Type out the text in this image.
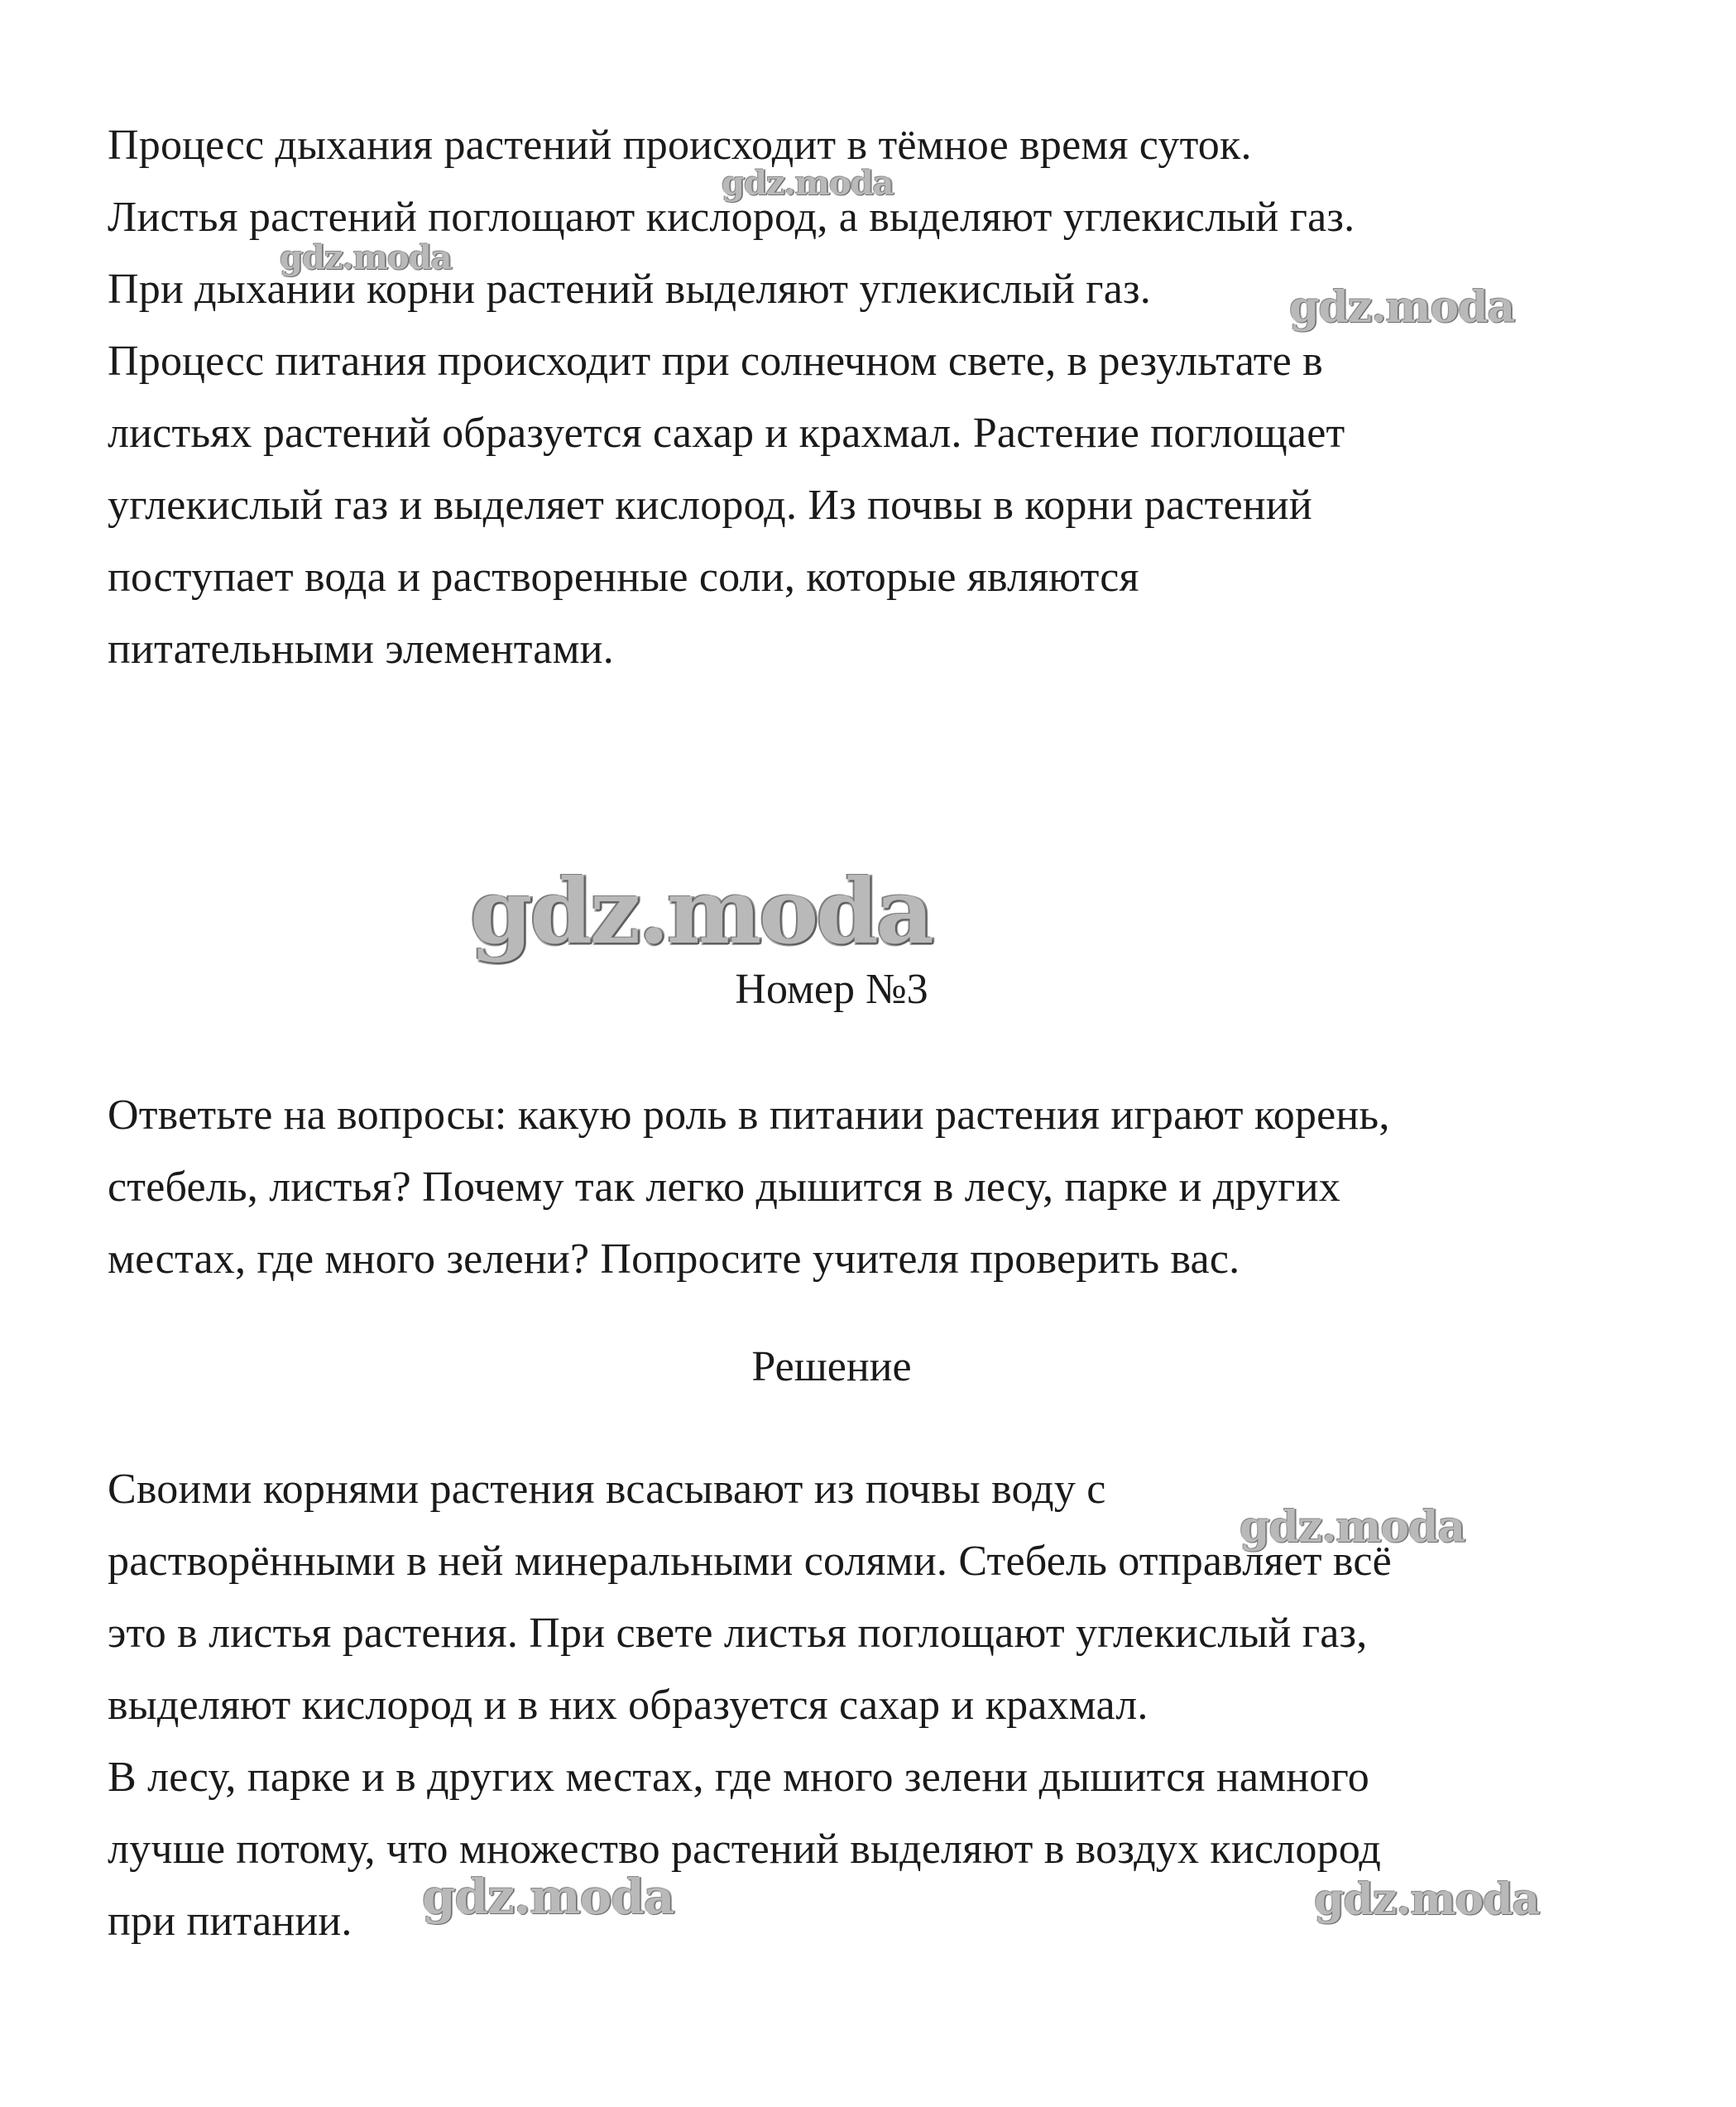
Процесс дыхания растений происходит в тёмное время суток.
Листья растений поглощают кислород, а выделяют углекислый газ.
При дыхании корни растений выделяют углекислый газ.
Процесс питания происходит при солнечном свете, в результате в
листьях растений образуется сахар и крахмал. Растение поглощает
углекислый газ и выделяет кислород. Из почвы в корни растений
поступает вода и растворенные соли, которые являются
питательными элементами.
Номер №3
Ответьте на вопросы: какую роль в питании растения играют корень,
стебель, листья? Почему так легко дышится в лесу, парке и других
местах, где много зелени? Попросите учителя проверить вас.
Решение
Своими корнями растения всасывают из почвы воду с
растворёнными в ней минеральными солями. Стебель отправляет всё
это в листья растения. При свете листья поглощают углекислый газ,
выделяют кислород и в них образуется сахар и крахмал.
В лесу, парке и в других местах, где много зелени дышится намного
лучше потому, что множество растений выделяют в воздух кислород
при питании.
gdz.moda
gdz.moda
gdz.moda
gdz.moda
gdz.moda
gdz.moda	gdz.moda
